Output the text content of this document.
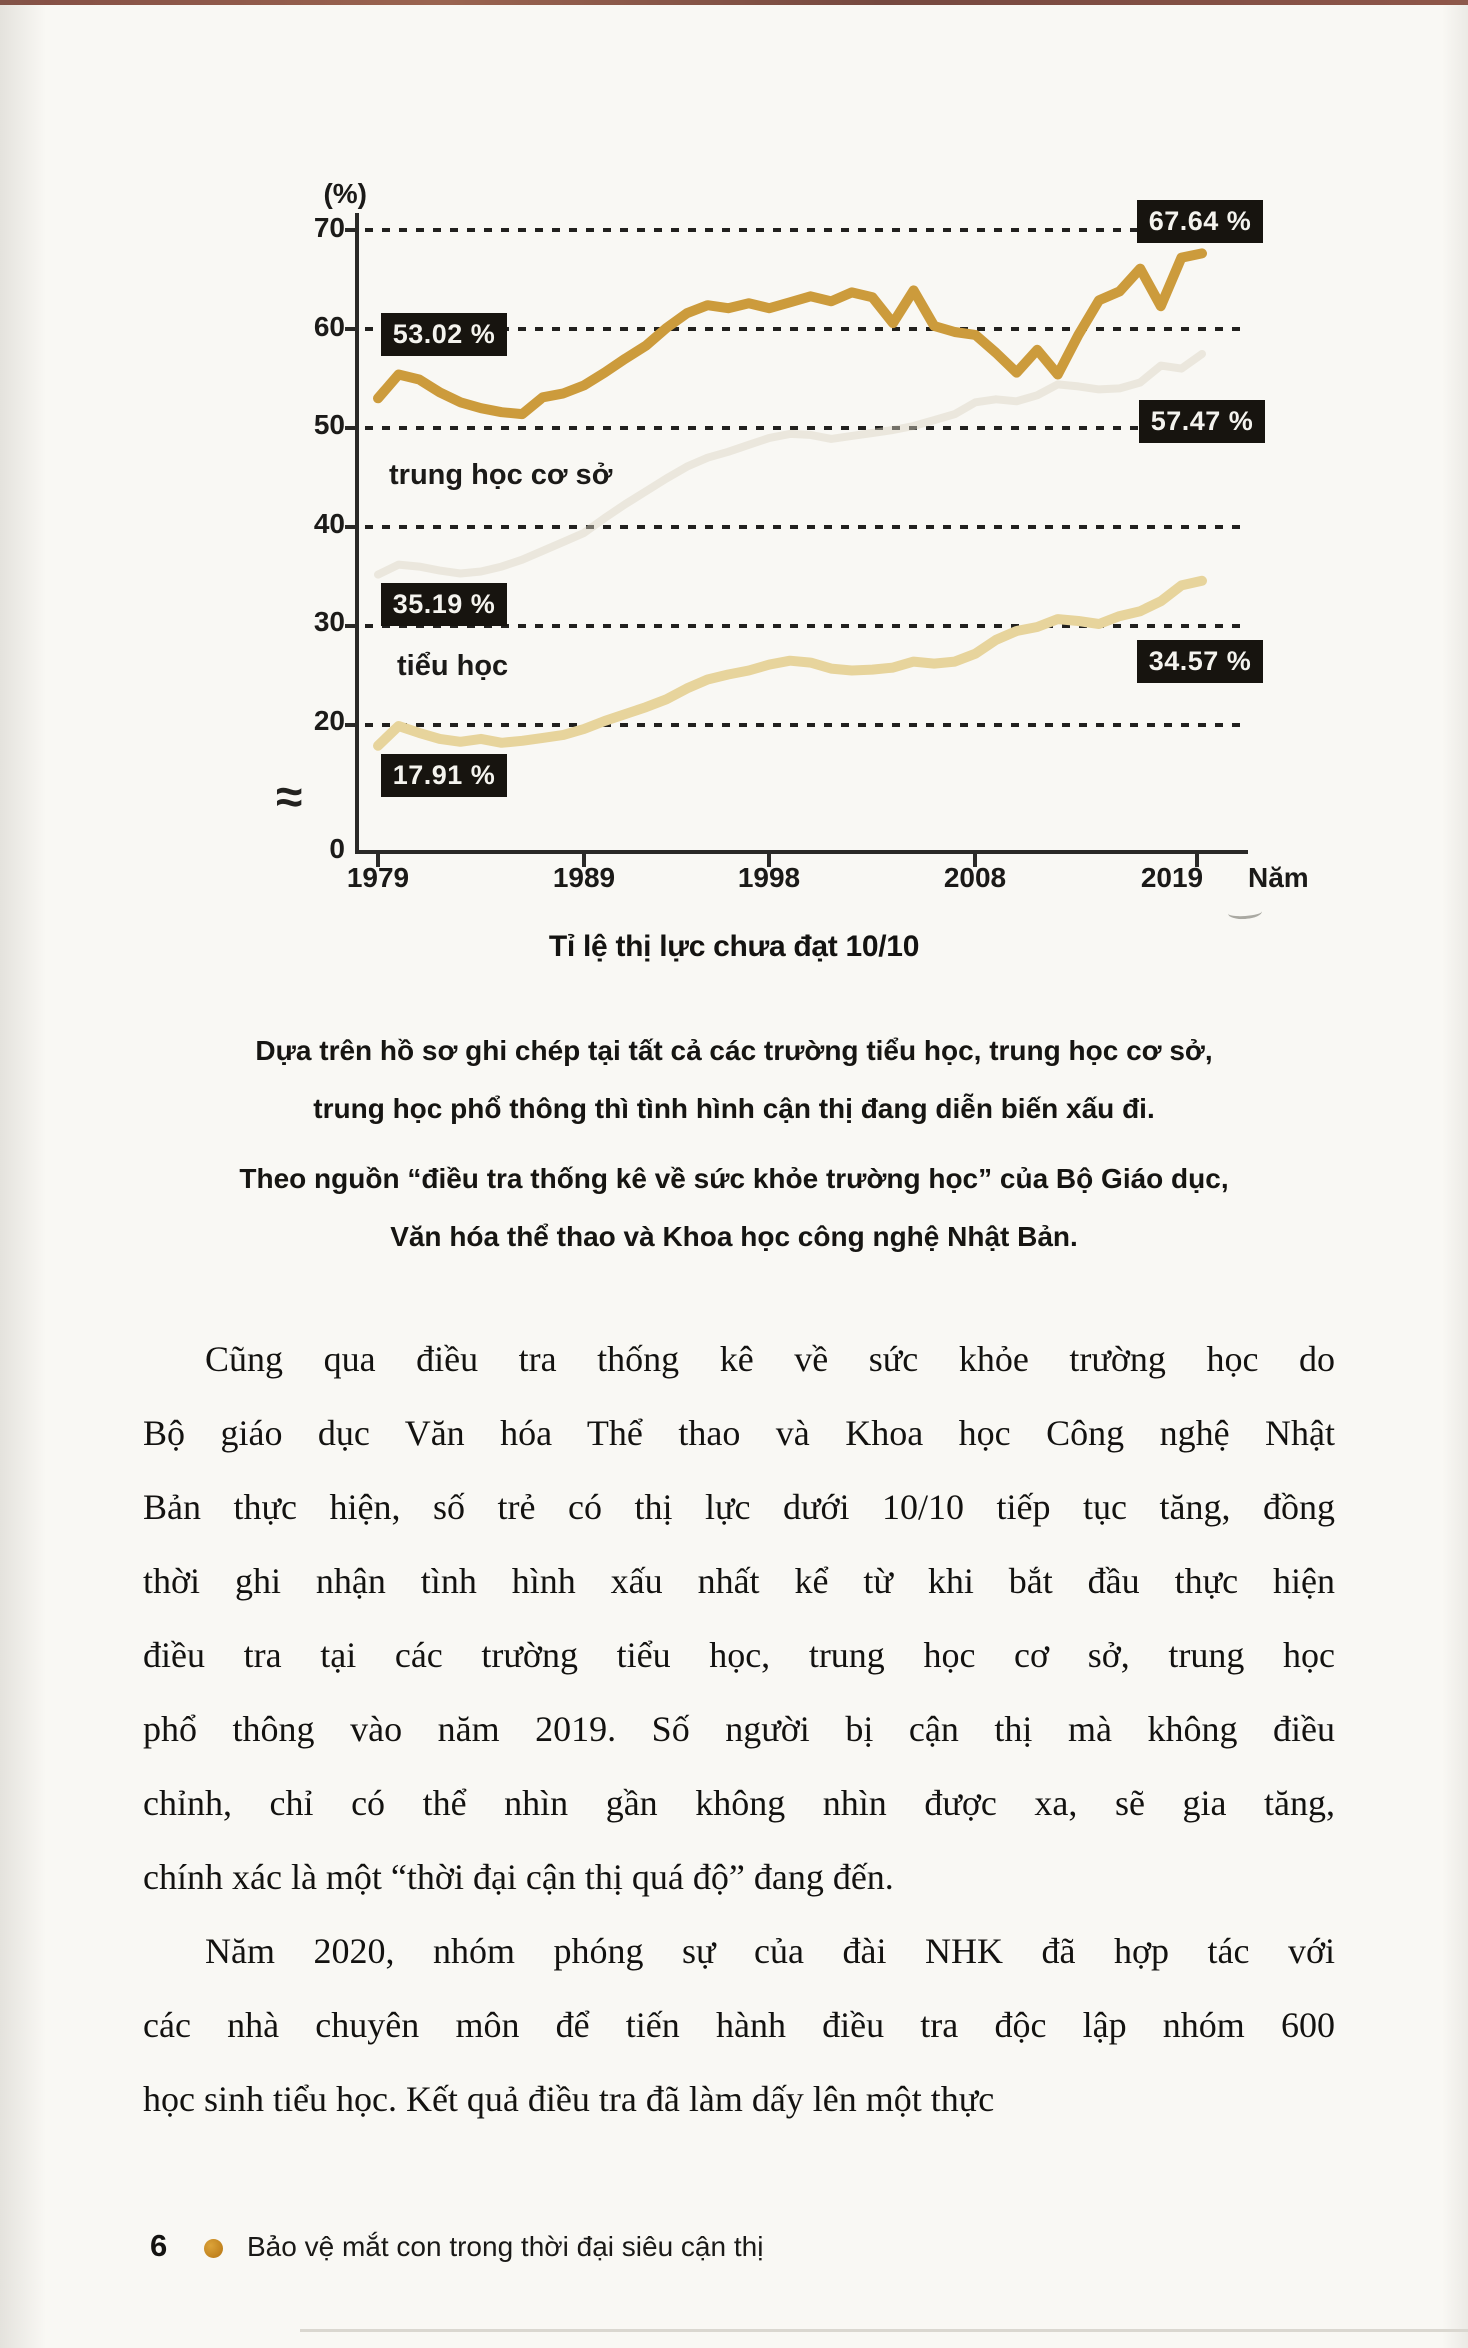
(%)
70
60
50
40
30
20
0
≈
1979	1989	1998	2008	2019	Năm
trung học cơ sở
tiểu học
53.02 %
67.64 %
35.19 %
57.47 %
17.91 %
34.57 %
Tỉ lệ thị lực chưa đạt 10/10
Dựa trên hồ sơ ghi chép tại tất cả các trường tiểu học, trung học cơ sở,
trung học phổ thông thì tình hình cận thị đang diễn biến xấu đi.
Theo nguồn “điều tra thống kê về sức khỏe trường học” của Bộ Giáo dục,
Văn hóa thể thao và Khoa học công nghệ Nhật Bản.
Cũng qua điều tra thống kê về sức khỏe trường học do
Bộ giáo dục Văn hóa Thể thao và Khoa học Công nghệ Nhật
Bản thực hiện, số trẻ có thị lực dưới 10/10 tiếp tục tăng, đồng
thời ghi nhận tình hình xấu nhất kể từ khi bắt đầu thực hiện
điều tra tại các trường tiểu học, trung học cơ sở, trung học
phổ thông vào năm 2019. Số người bị cận thị mà không điều
chỉnh, chỉ có thể nhìn gần không nhìn được xa, sẽ gia tăng,
chính xác là một “thời đại cận thị quá độ” đang đến.
Năm 2020, nhóm phóng sự của đài NHK đã hợp tác với
các nhà chuyên môn để tiến hành điều tra độc lập nhóm 600
học sinh tiểu học. Kết quả điều tra đã làm dấy lên một thực
6	Bảo vệ mắt con trong thời đại siêu cận thị
